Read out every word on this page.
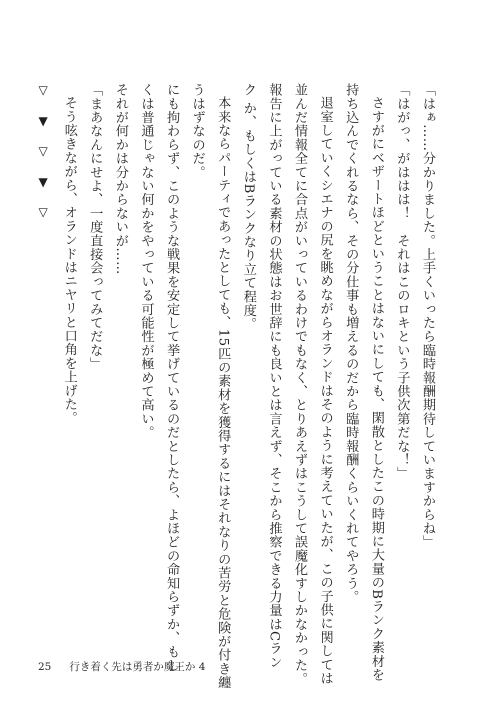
「はぁ……分かりました。上手くいったら臨時報酬期待していますからね」

「はがっ、がははは！　それはこのロキという子供次第だな！」

さすがにベザートほどということはないにしても、閑散としたこの時期に大量のBランク素材を

持ち込んでくれるなら、その分仕事も増えるのだから臨時報酬くらいくれてやろう。

退室していくシエナの尻を眺めながらオランドはそのように考えていたが、この子供に関しては

並んだ情報全てに合点がいっているわけでもなく、とりあえずはこうして誤魔化すしかなかった。

報告に上がっている素材の状態はお世辞にも良いとは言えず、そこから推察できる力量はCラン

ク か、もしくはBランクなり立て程度。

本来ならパーティであったとしても、15匹の素材を獲得するにはそれなりの苦労と危険が付き纏

うはずなのだ。

にも拘わらず、このような戦果を安定して挙げているのだとしたら、よほどの命知らずか、もし

くは普通じゃない何かをやっている可能性が極めて高い。

それが何かは分からないが……

「まあなんにせよ、一度直接会ってみてだな」

そう呟きながら、オランドはニヤリと口角を上げた。

▽▼▽▼▽

25 行き着く先は勇者か魔王か 4
